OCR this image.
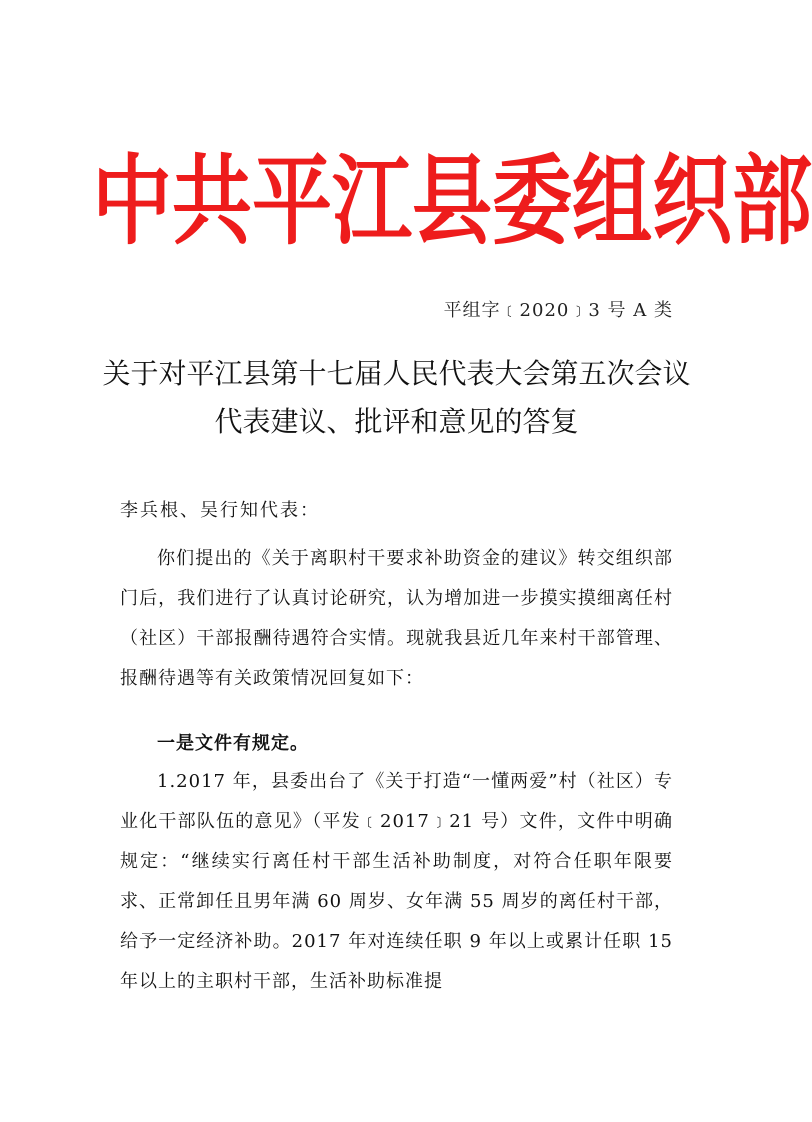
中 共 平 江 县 委 组 织 部
平组字﹝2020﹞3 号 A 类
关于对平江县第十七届人民代表大会第五次会议
代表建议、批评和意见的答复
李兵根、吴行知代表：
你们提出的《关于离职村干要求补助资金的建议》转交组织部门后，我们进行了认真讨论研究，认为增加进一步摸实摸细离任村（社区）干部报酬待遇符合实情。现就我县近几年来村干部管理、报酬待遇等有关政策情况回复如下：
一是文件有规定。
1.2017 年，县委出台了《关于打造“一懂两爱”村（社区）专业化干部队伍的意见》（平发﹝2017﹞21 号）文件，文件中明确规定：“继续实行离任村干部生活补助制度，对符合任职年限要求、正常卸任且男年满 60 周岁、女年满 55 周岁的离任村干部，给予一定经济补助。2017 年对连续任职 9 年以上或累计任职 15 年以上的主职村干部，生活补助标准提
